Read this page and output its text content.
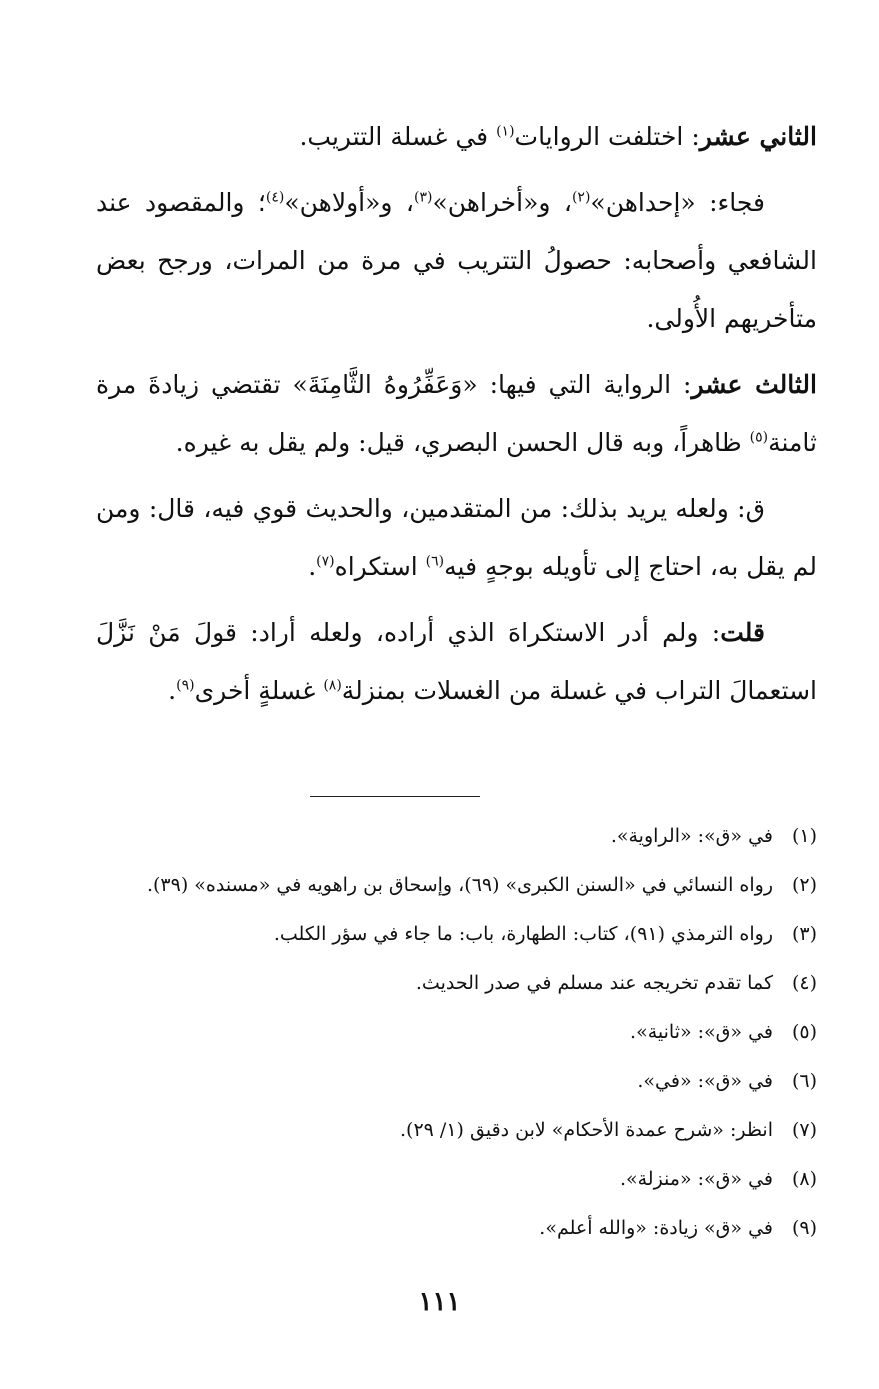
الثاني عشر: اختلفت الروايات$^{(١)}$ في غسلة التتريب.

فجاء: «إحداهن»$^{(٢)}$، و«أخراهن»$^{(٣)}$، و«أولاهن»$^{(٤)}$؛ والمقصود عند الشافعي وأصحابه: حصولُ التتريب في مرة من المرات، ورجح بعض متأخريهم الأُولى.

الثالث عشر: الرواية التي فيها: «وَعَفِّرُوهُ الثَّامِنَةَ» تقتضي زيادةَ مرة ثامنة$^{(٥)}$ ظاهراً، وبه قال الحسن البصري، قيل: ولم يقل به غيره.

ق: ولعله يريد بذلك: من المتقدمين، والحديث قوي فيه، قال: ومن لم يقل به، احتاج إلى تأويله بوجهٍ فيه$^{(٦)}$ استكراه$^{(٧)}$.

قلت: ولم أدر الاستكراهَ الذي أراده، ولعله أراد: قولَ مَنْ نَزَّلَ استعمالَ التراب في غسلة من الغسلات بمنزلة$^{(٨)}$ غسلةٍ أخرى$^{(٩)}$.

(١)
في «ق»: «الراوية».
(٢)
رواه النسائي في «السنن الكبرى» (٦٩)، وإسحاق بن راهويه في «مسنده» (٣٩).
(٣)
رواه الترمذي (٩١)، كتاب: الطهارة، باب: ما جاء في سؤر الكلب.
(٤)
كما تقدم تخريجه عند مسلم في صدر الحديث.
(٥)
في «ق»: «ثانية».
(٦)
في «ق»: «في».
(٧)
انظر: «شرح عمدة الأحكام» لابن دقيق (١/ ٢٩).
(٨)
في «ق»: «منزلة».
(٩)
في «ق» زيادة: «والله أعلم».
١١١
